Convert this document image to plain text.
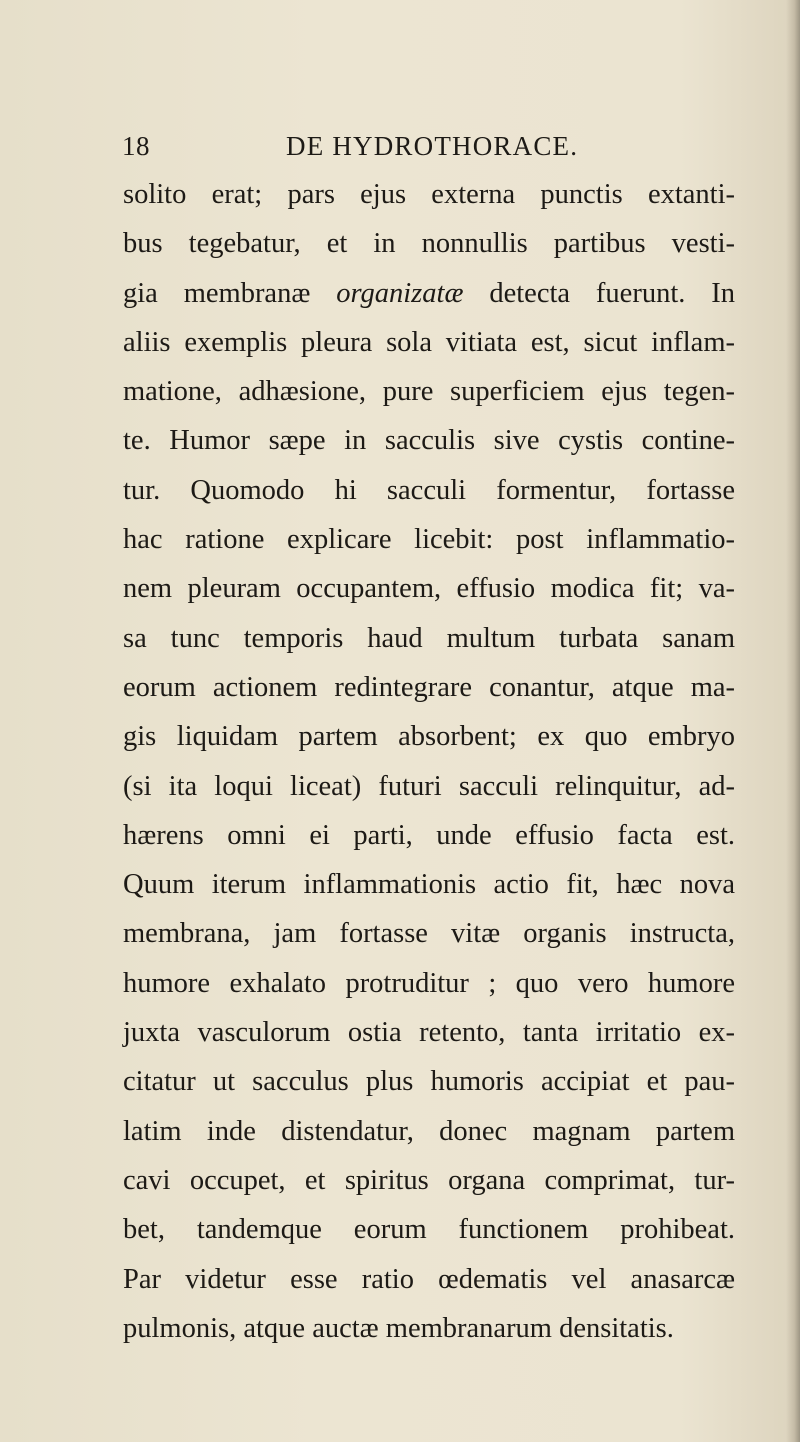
18	DE HYDROTHORACE.
solito erat; pars ejus externa punctis extanti-
bus tegebatur, et in nonnullis partibus vesti-
gia membranæ organizatæ detecta fuerunt. In
aliis exemplis pleura sola vitiata est, sicut inflam-
matione, adhæsione, pure superficiem ejus tegen-
te. Humor sæpe in sacculis sive cystis contine-
tur. Quomodo hi sacculi formentur, fortasse
hac ratione explicare licebit: post inflammatio-
nem pleuram occupantem, effusio modica fit; va-
sa tunc temporis haud multum turbata sanam
eorum actionem redintegrare conantur, atque ma-
gis liquidam partem absorbent; ex quo embryo
(si ita loqui liceat) futuri sacculi relinquitur, ad-
hærens omni ei parti, unde effusio facta est.
Quum iterum inflammationis actio fit, hæc nova
membrana, jam fortasse vitæ organis instructa,
humore exhalato protruditur ; quo vero humore
juxta vasculorum ostia retento, tanta irritatio ex-
citatur ut sacculus plus humoris accipiat et pau-
latim inde distendatur, donec magnam partem
cavi occupet, et spiritus organa comprimat, tur-
bet, tandemque eorum functionem prohibeat.
Par videtur esse ratio œdematis vel anasarcæ
pulmonis, atque auctæ membranarum densitatis.
